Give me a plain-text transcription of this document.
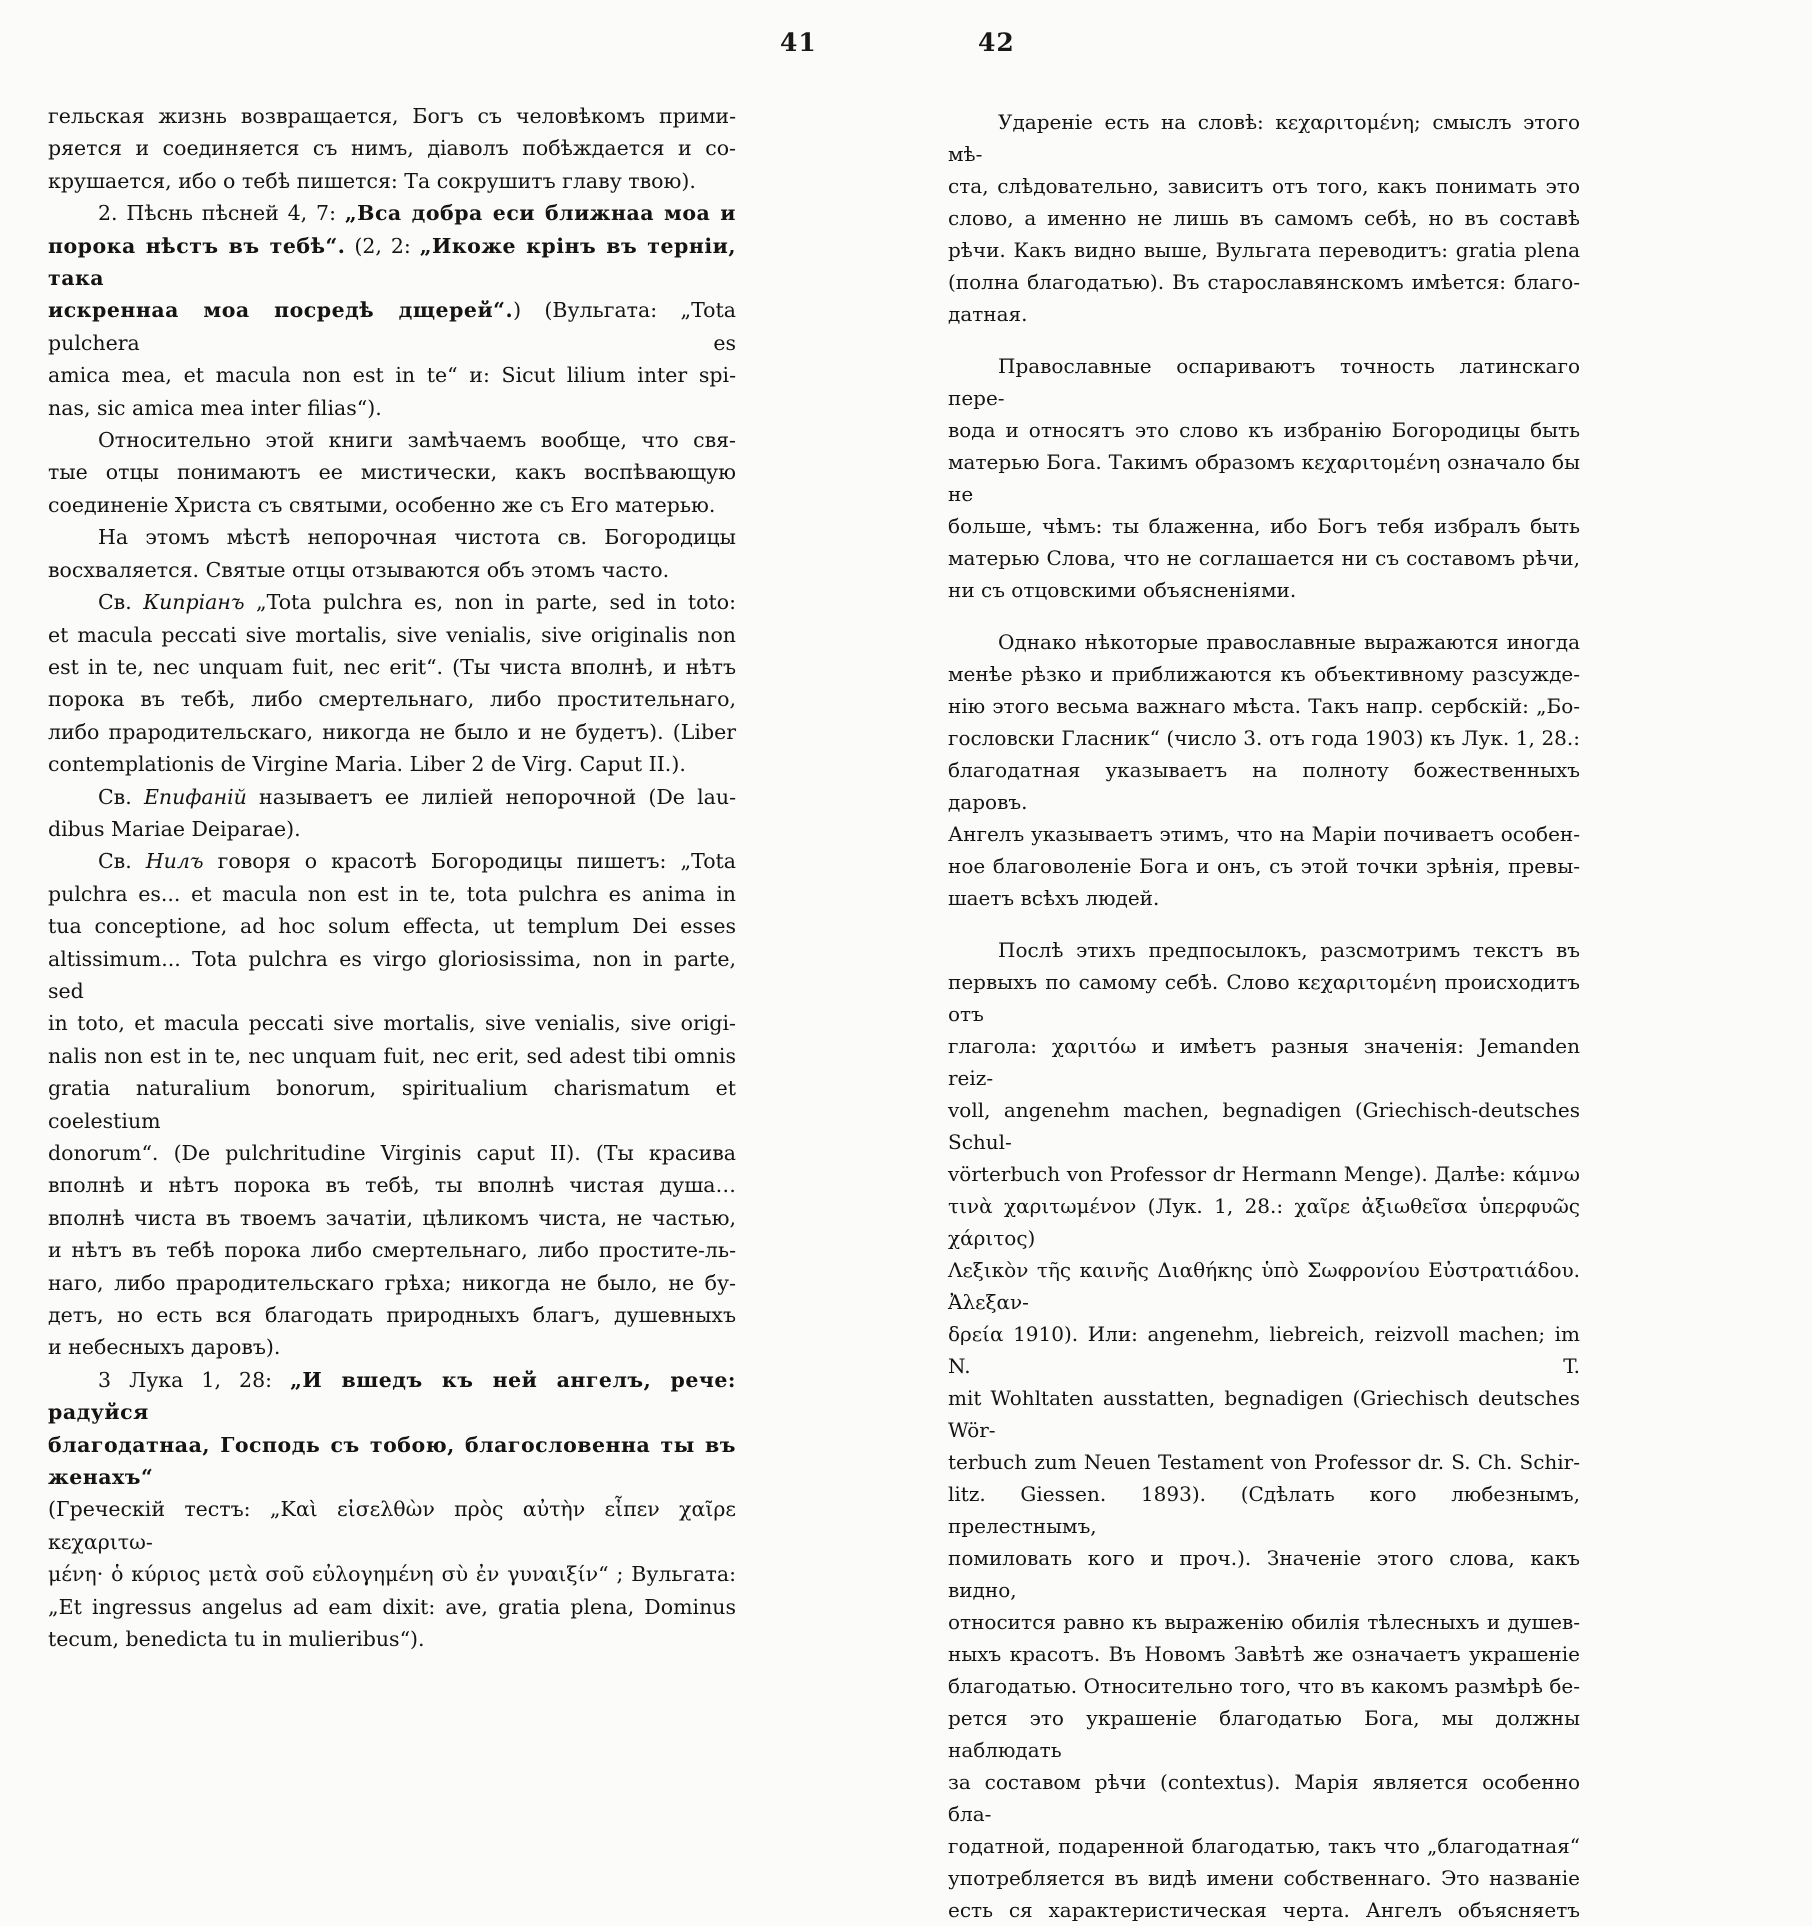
41	42
гельская жизнь возвращается, Богъ съ человѣкомъ прими-
ряется и соединяется съ нимъ, діаволъ побѣждается и со-
крушается, ибо о тебѣ пишется: Та сокрушитъ главу твою).
2. Пѣснь пѣсней 4, 7: „Вса добра еси ближнаа моа и
порока нѣстъ въ тебѣ“. (2, 2: „Икоже крінъ въ терніи, така
искреннаа моа посредѣ дщерей“.) (Вульгата: „Tota pulchera es
amica mea, et macula non est in te“ и: Sicut lilium inter spi-
nas, sic amica mea inter filias“).
Относительно этой книги замѣчаемъ вообще, что свя-
тые отцы понимаютъ ее мистически, какъ воспѣвающую
соединеніе Христа съ святыми, особенно же съ Его матерью.
На этомъ мѣстѣ непорочная чистота св. Богородицы
восхваляется. Святые отцы отзываются объ этомъ часто.
Св. Кипріанъ „Tota pulchra es, non in parte, sed in toto:
et macula peccati sive mortalis, sive venialis, sive originalis non
est in te, nec unquam fuit, nec erit“. (Ты чиста вполнѣ, и нѣтъ
порока въ тебѣ, либо смертельнаго, либо простительнаго,
либо прародительскаго, никогда не было и не будетъ). (Liber
contemplationis de Virgine Maria. Liber 2 de Virg. Caput II.).
Св. Епифаній называетъ ее лиліей непорочной (De lau-
dibus Mariae Deiparae).
Св. Нилъ говоря о красотѣ Богородицы пишетъ: „Tota
pulchra es... et macula non est in te, tota pulchra es anima in
tua conceptione, ad hoc solum effecta, ut templum Dei esses
altissimum... Tota pulchra es virgo gloriosissima, non in parte, sed
in toto, et macula peccati sive mortalis, sive venialis, sive origi-
nalis non est in te, nec unquam fuit, nec erit, sed adest tibi omnis
gratia naturalium bonorum, spiritualium charismatum et coelestium
donorum“. (De pulchritudine Virginis caput II). (Ты красива
вполнѣ и нѣтъ порока въ тебѣ, ты вполнѣ чистая душа…
вполнѣ чиста въ твоемъ зачатіи, цѣликомъ чиста, не частью,
и нѣтъ въ тебѣ порока либо смертельнаго, либо простите-ль-
наго, либо прародительскаго грѣха; никогда не было, не бу-
детъ, но есть вся благодать природныхъ благъ, душевныхъ
и небесныхъ даровъ).
3 Лука 1, 28: „И вшедъ къ ней ангелъ, рече: радуйся
благодатнаа, Господь съ тобою, благословенна ты въ женахъ“
(Греческій тестъ: „Καὶ εἰσελθὼν πρὸς αὐτὴν εἶπεν χαῖρε κεχαριτω-
μένη· ὁ κύριος μετὰ σοῦ εὐλογημένη σὺ ἐν γυναιξίν“ ; Вульгата:
„Et ingressus angelus ad eam dixit: ave, gratia plena, Dominus
tecum, benedicta tu in mulieribus“).
Удареніе есть на словѣ: κεχαριτομένη; смыслъ этого мѣ-
ста, слѣдовательно, зависитъ отъ того, какъ понимать это
слово, а именно не лишь въ самомъ себѣ, но въ составѣ
рѣчи. Какъ видно выше, Вульгата переводитъ: gratia plena
(полна благодатью). Въ старославянскомъ имѣется: благо-
датная.
Православные оспариваютъ точность латинскаго пере-
вода и относятъ это слово къ избранію Богородицы быть
матерью Бога. Такимъ образомъ κεχαριτομένη означало бы не
больше, чѣмъ: ты блаженна, ибо Богъ тебя избралъ быть
матерью Слова, что не соглашается ни съ составомъ рѣчи,
ни съ отцовскими объясненіями.
Однако нѣкоторые православные выражаются иногда
менѣе рѣзко и приближаются къ объективному разсужде-
нію этого весьма важнаго мѣста. Такъ напр. сербскій: „Бо-
гословски Гласник“ (число 3. отъ года 1903) къ Лук. 1, 28.:
благодатная указываетъ на полноту божественныхъ даровъ.
Ангелъ указываетъ этимъ, что на Маріи почиваетъ особен-
ное благоволеніе Бога и онъ, съ этой точки зрѣнія, превы-
шаетъ всѣхъ людей.
Послѣ этихъ предпосылокъ, разсмотримъ текстъ въ
первыхъ по самому себѣ. Слово κεχαριτομένη происходитъ отъ
глагола: χαριτόω и имѣетъ разныя значенія: Jemanden reiz-
voll, angenehm machen, begnadigen (Griechisch-deutsches Schul-
vörterbuch von Professor dr Hermann Menge). Далѣе: κάμνω
τινὰ χαριτωμένον (Лук. 1, 28.: χαῖρε ἀξιωθεῖσα ὑπερφυῶς χάριτος)
Λεξικὸν τῆς καινῆς Διαθήκης ὑπὸ Σωφρονίου Εὐστρατιάδου. Ἀλεξαν-
δρεία 1910). Или: angenehm, liebreich, reizvoll machen; im N. T.
mit Wohltaten ausstatten, begnadigen (Griechisch deutsches Wör-
terbuch zum Neuen Testament von Professor dr. S. Ch. Schir-
litz. Giessen. 1893). (Сдѣлать кого любезнымъ, прелестнымъ,
помиловать кого и проч.). Значеніе этого слова, какъ видно,
относится равно къ выраженію обилія тѣлесныхъ и душев-
ныхъ красотъ. Въ Новомъ Завѣтѣ же означаетъ украшеніе
благодатью. Относительно того, что въ какомъ размѣрѣ бе-
рется это украшеніе благодатью Бога, мы должны наблюдать
за составом рѣчи (contextus). Марія является особенно бла-
годатной, подаренной благодатью, такъ что „благодатная“
употребляется въ видѣ имени собственнаго. Это названіе
есть ся характеристическая черта. Ангелъ объясняетъ
